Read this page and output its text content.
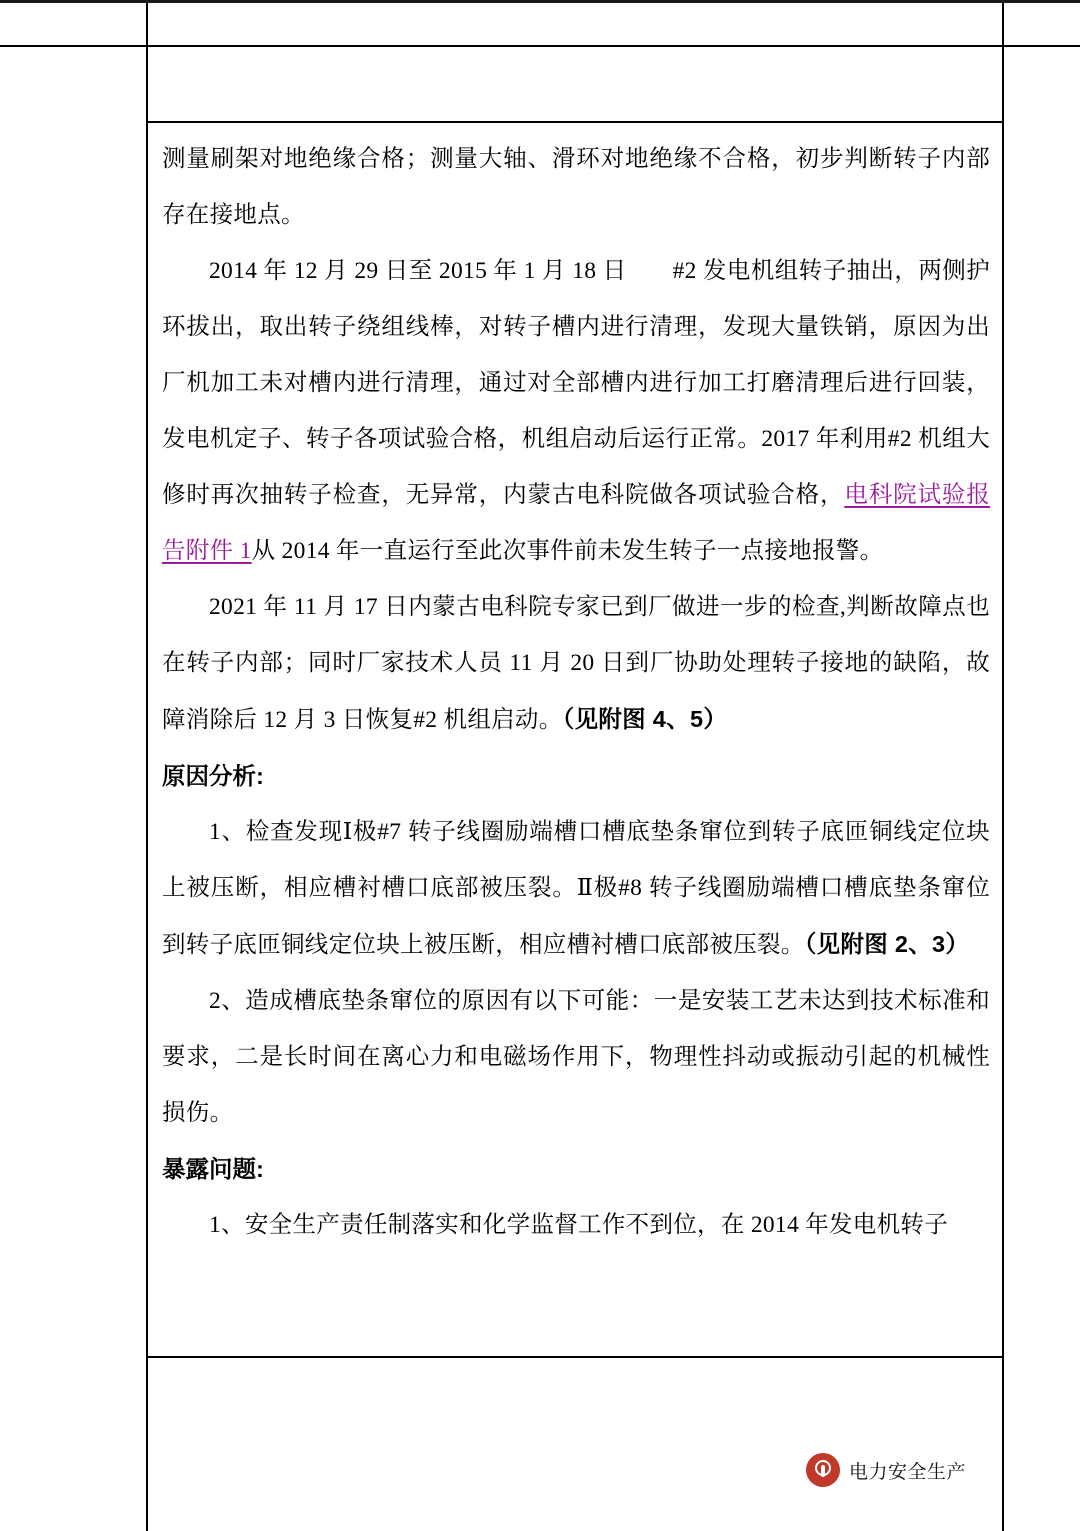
测量刷架对地绝缘合格；测量大轴、滑环对地绝缘不合格，初步判断转子内部存在接地点。

2014 年 12 月 29 日至 2015 年 1 月 18 日 #2 发电机组转子抽出，两侧护环拔出，取出转子绕组线棒，对转子槽内进行清理，发现大量铁销，原因为出厂机加工未对槽内进行清理，通过对全部槽内进行加工打磨清理后进行回装，发电机定子、转子各项试验合格，机组启动后运行正常。2017 年利用#2 机组大修时再次抽转子检查，无异常，内蒙古电科院做各项试验合格，电科院试验报告附件 1从 2014 年一直运行至此次事件前未发生转子一点接地报警。

2021 年 11 月 17 日内蒙古电科院专家已到厂做进一步的检查,判断故障点也在转子内部；同时厂家技术人员 11 月 20 日到厂协助处理转子接地的缺陷，故障消除后 12 月 3 日恢复#2 机组启动。（见附图 4、5）

原因分析:

1、检查发现Ⅰ极#7 转子线圈励端槽口槽底垫条窜位到转子底匝铜线定位块上被压断，相应槽衬槽口底部被压裂。Ⅱ极#8 转子线圈励端槽口槽底垫条窜位到转子底匝铜线定位块上被压断，相应槽衬槽口底部被压裂。（见附图 2、3）

2、造成槽底垫条窜位的原因有以下可能：一是安装工艺未达到技术标准和要求，二是长时间在离心力和电磁场作用下，物理性抖动或振动引起的机械性损伤。

暴露问题:

1、安全生产责任制落实和化学监督工作不到位，在 2014 年发电机转子

电力安全生产
